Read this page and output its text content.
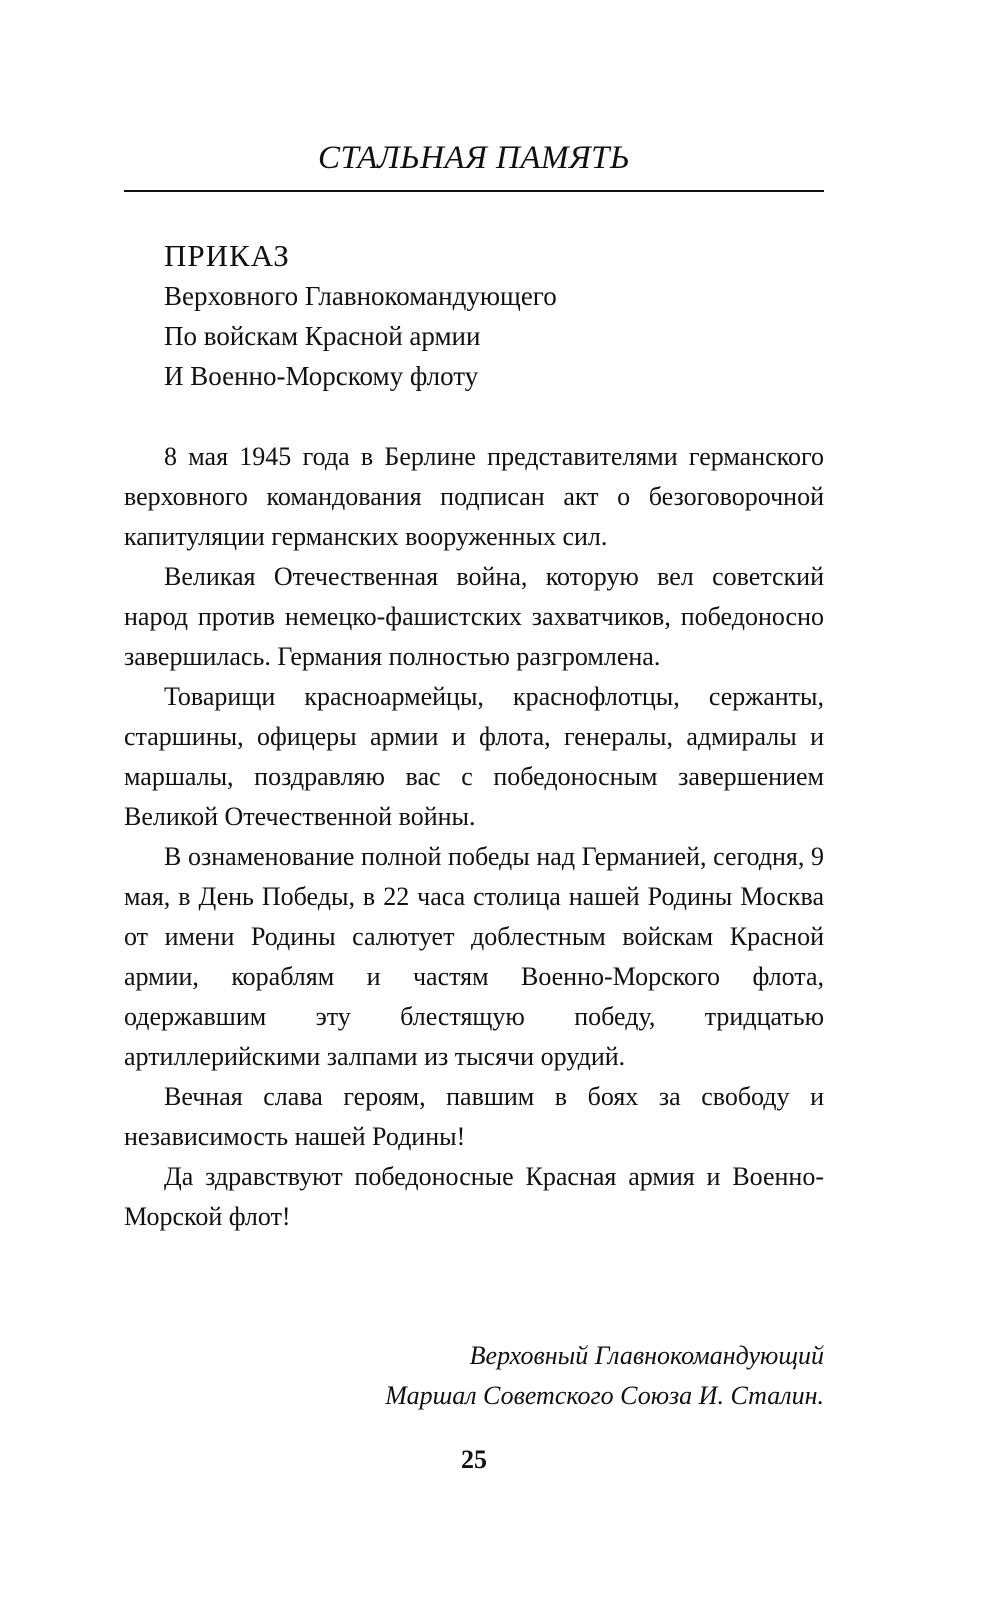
СТАЛЬНАЯ ПАМЯТЬ
ПРИКАЗ
Верховного Главнокомандующего
По войскам Красной армии
И Военно-Морскому флоту

8 мая 1945 года в Берлине представителями германского верховного командования подписан акт о безоговорочной капитуляции германских вооруженных сил.

Великая Отечественная война, которую вел советский народ против немецко-фашистских захватчиков, победоносно завершилась. Германия полностью разгромлена.

Товарищи красноармейцы, краснофлотцы, сержанты, старшины, офицеры армии и флота, генералы, адмиралы и маршалы, поздравляю вас с победоносным завершением Великой Отечественной войны.

В ознаменование полной победы над Германией, сегодня, 9 мая, в День Победы, в 22 часа столица нашей Родины Москва от имени Родины салютует доблестным войскам Красной армии, кораблям и частям Военно-Морского флота, одержавшим эту блестящую победу, тридцатью артиллерийскими залпами из тысячи орудий.

Вечная слава героям, павшим в боях за свободу и независимость нашей Родины!

Да здравствуют победоносные Красная армия и Военно-Морской флот!

Верховный Главнокомандующий
Маршал Советского Союза И. Сталин.
25
